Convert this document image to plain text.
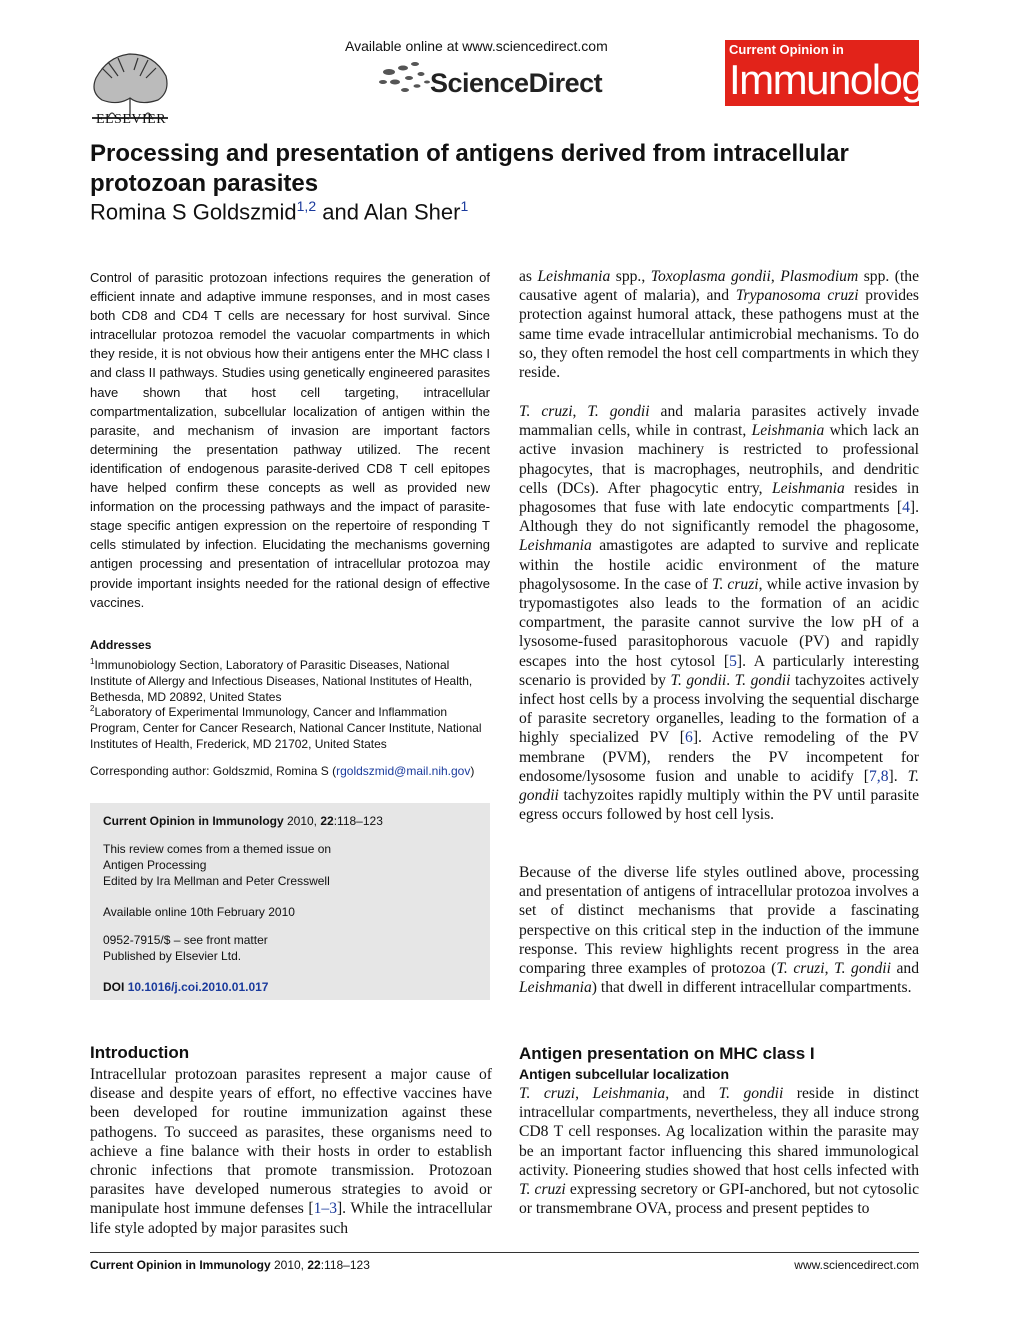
ELSEVIER
Available online at www.sciencedirect.com
ScienceDirect
Current Opinion in
Immunology
Processing and presentation of antigens derived from intracellular protozoan parasites
Romina S Goldszmid$^{1,2}$ and Alan Sher$^1$
Control of parasitic protozoan infections requires the generation of efficient innate and adaptive immune responses, and in most cases both CD8 and CD4 T cells are necessary for host survival. Since intracellular protozoa remodel the vacuolar compartments in which they reside, it is not obvious how their antigens enter the MHC class I and class II pathways. Studies using genetically engineered parasites have shown that host cell targeting, intracellular compartmentalization, subcellular localization of antigen within the parasite, and mechanism of invasion are important factors determining the presentation pathway utilized. The recent identification of endogenous parasite-derived CD8 T cell epitopes have helped confirm these concepts as well as provided new information on the processing pathways and the impact of parasite-stage specific antigen expression on the repertoire of responding T cells stimulated by infection. Elucidating the mechanisms governing antigen processing and presentation of intracellular protozoa may provide important insights needed for the rational design of effective vaccines.
Addresses
$^1$Immunobiology Section, Laboratory of Parasitic Diseases, National Institute of Allergy and Infectious Diseases, National Institutes of Health, Bethesda, MD 20892, United States
$^2$Laboratory of Experimental Immunology, Cancer and Inflammation Program, Center for Cancer Research, National Cancer Institute, National Institutes of Health, Frederick, MD 21702, United States
Corresponding author: Goldszmid, Romina S (rgoldszmid@mail.nih.gov)
Current Opinion in Immunology 2010, 22:118–123
This review comes from a themed issue on
Antigen Processing
Edited by Ira Mellman and Peter Cresswell
Available online 10th February 2010
0952-7915/$ – see front matter
Published by Elsevier Ltd.
DOI 10.1016/j.coi.2010.01.017
Introduction
Intracellular protozoan parasites represent a major cause of disease and despite years of effort, no effective vaccines have been developed for routine immunization against these pathogens. To succeed as parasites, these organisms need to achieve a fine balance with their hosts in order to establish chronic infections that promote transmission. Protozoan parasites have developed numerous strategies to avoid or manipulate host immune defenses [1–3]. While the intracellular life style adopted by major parasites such
as Leishmania spp., Toxoplasma gondii, Plasmodium spp. (the causative agent of malaria), and Trypanosoma cruzi provides protection against humoral attack, these pathogens must at the same time evade intracellular antimicrobial mechanisms. To do so, they often remodel the host cell compartments in which they reside.
T. cruzi, T. gondii and malaria parasites actively invade mammalian cells, while in contrast, Leishmania which lack an active invasion machinery is restricted to professional phagocytes, that is macrophages, neutrophils, and dendritic cells (DCs). After phagocytic entry, Leishmania resides in phagosomes that fuse with late endocytic compartments [4]. Although they do not significantly remodel the phagosome, Leishmania amastigotes are adapted to survive and replicate within the hostile acidic environment of the mature phagolysosome. In the case of T. cruzi, while active invasion by trypomastigotes also leads to the formation of an acidic compartment, the parasite cannot survive the low pH of a lysosome-fused parasitophorous vacuole (PV) and rapidly escapes into the host cytosol [5]. A particularly interesting scenario is provided by T. gondii. T. gondii tachyzoites actively infect host cells by a process involving the sequential discharge of parasite secretory organelles, leading to the formation of a highly specialized PV [6]. Active remodeling of the PV membrane (PVM), renders the PV incompetent for endosome/lysosome fusion and unable to acidify [7,8]. T. gondii tachyzoites rapidly multiply within the PV until parasite egress occurs followed by host cell lysis.
Because of the diverse life styles outlined above, processing and presentation of antigens of intracellular protozoa involves a set of distinct mechanisms that provide a fascinating perspective on this critical step in the induction of the immune response. This review highlights recent progress in the area comparing three examples of protozoa (T. cruzi, T. gondii and Leishmania) that dwell in different intracellular compartments.
Antigen presentation on MHC class I
Antigen subcellular localization
T. cruzi, Leishmania, and T. gondii reside in distinct intracellular compartments, nevertheless, they all induce strong CD8 T cell responses. Ag localization within the parasite may be an important factor influencing this shared immunological activity. Pioneering studies showed that host cells infected with T. cruzi expressing secretory or GPI-anchored, but not cytosolic or transmembrane OVA, process and present peptides to
Current Opinion in Immunology 2010, 22:118–123	www.sciencedirect.com
